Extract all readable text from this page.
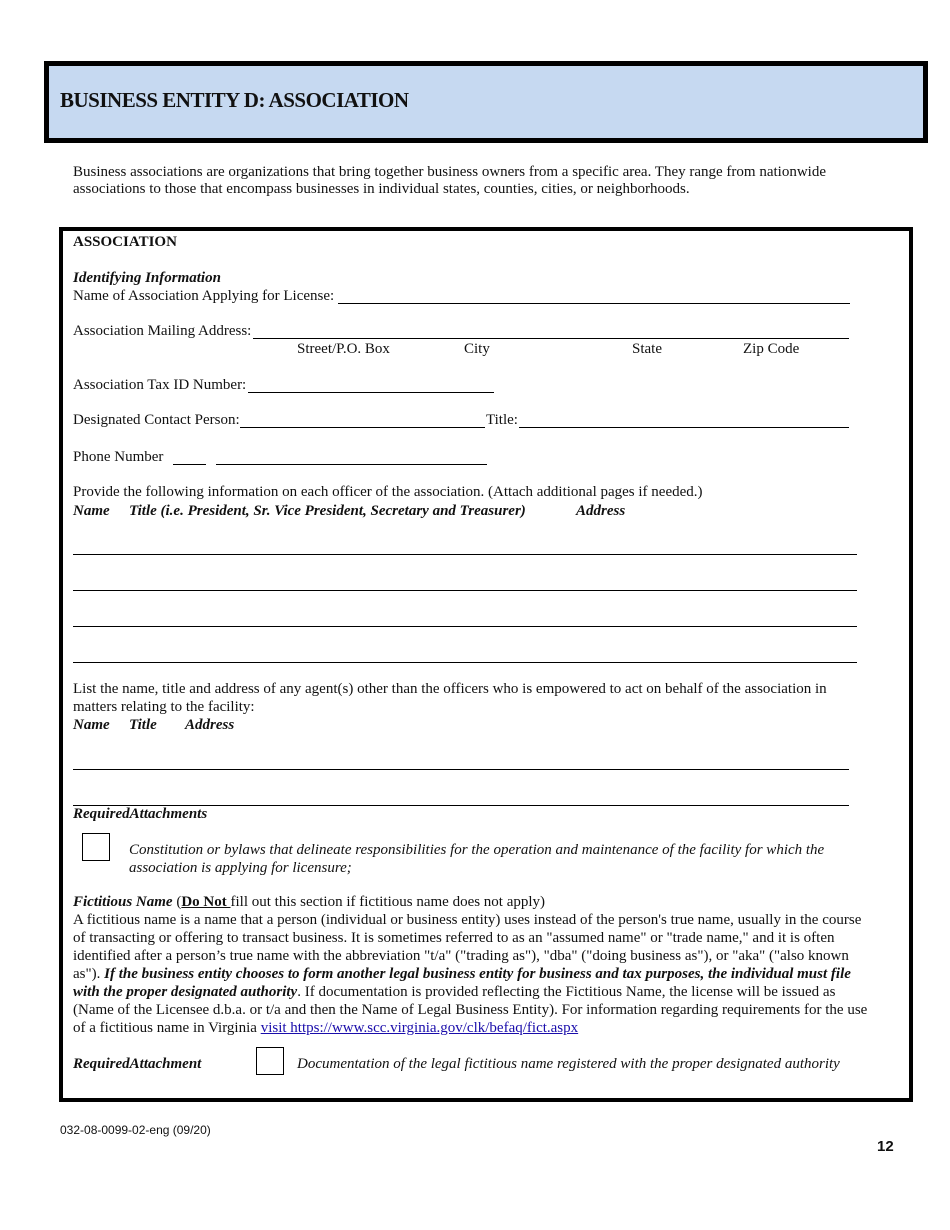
BUSINESS ENTITY D: ASSOCIATION
Business associations are organizations that bring together business owners from a specific area. They range from nationwide associations to those that encompass businesses in individual states, counties, cities, or neighborhoods.
ASSOCIATION
Identifying Information
Name of Association Applying for License:
Association Mailing Address:
Street/P.O. Box	City	State	Zip Code
Association Tax ID Number:
Designated Contact Person:	Title:
Phone Number
Provide the following information on each officer of the association. (Attach additional pages if needed.)
Name Title (i.e. President, Sr. Vice President, Secretary and Treasurer)	Address
List the name, title and address of any agent(s) other than the officers who is empowered to act on behalf of the association in matters relating to the facility:
Name Title Address
RequiredAttachments
Constitution or bylaws that delineate responsibilities for the operation and maintenance of the facility for which the association is applying for licensure;
Fictitious Name (Do Not fill out this section if fictitious name does not apply)
A fictitious name is a name that a person (individual or business entity) uses instead of the person's true name, usually in the course of transacting or offering to transact business. It is sometimes referred to as an "assumed name" or "trade name," and it is often identified after a person’s true name with the abbreviation "t/a" ("trading as"), "dba" ("doing business as"), or "aka" ("also known as"). If the business entity chooses to form another legal business entity for business and tax purposes, the individual must file with the proper designated authority. If documentation is provided reflecting the Fictitious Name, the license will be issued as (Name of the Licensee d.b.a. or t/a and then the Name of Legal Business Entity). For information regarding requirements for the use of a fictitious name in Virginia visit https://www.scc.virginia.gov/clk/befaq/fict.aspx
RequiredAttachment	Documentation of the legal fictitious name registered with the proper designated authority
032-08-0099-02-eng (09/20)
12
